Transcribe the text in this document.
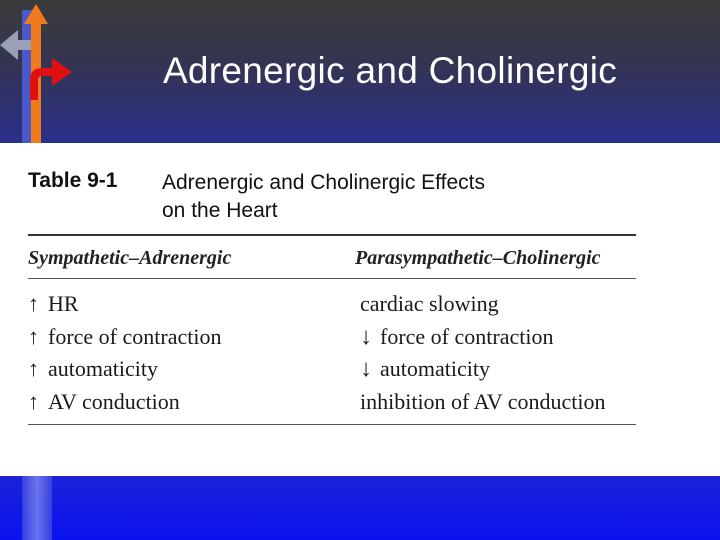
Adrenergic and Cholinergic
Table 9-1 Adrenergic and Cholinergic Effects
on the Heart
Sympathetic–Adrenergic	Parasympathetic–Cholinergic
↑ HR
↑ force of contraction
↑ automaticity
↑ AV conduction
cardiac slowing
↓ force of contraction
↓ automaticity
inhibition of AV conduction
